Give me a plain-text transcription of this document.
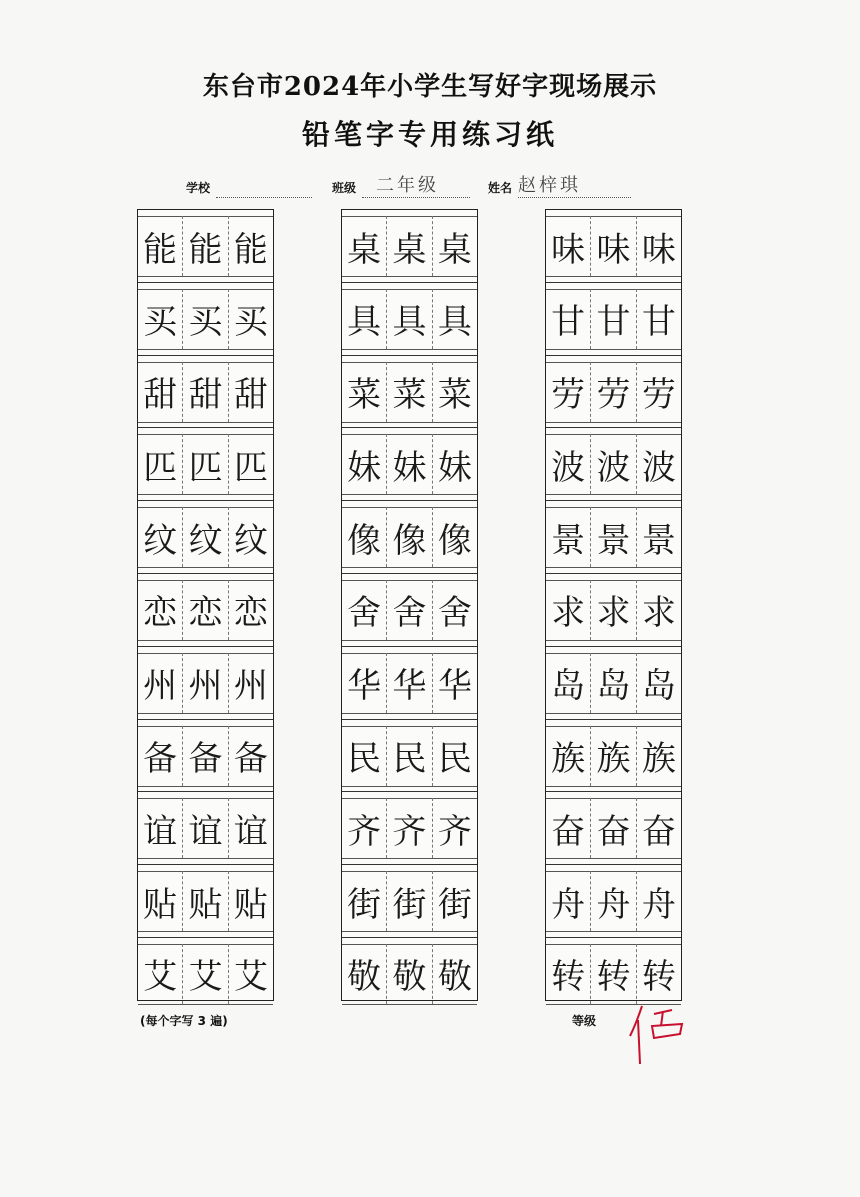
东台市2024年小学生写好字现场展示
铅笔字专用练习纸
学校	班级 二年级	姓名 赵梓琪
能 能 能
买 买 买
甜 甜 甜
匹 匹 匹
纹 纹 纹
恋 恋 恋
州 州 州
备 备 备
谊 谊 谊
贴 贴 贴
艾 艾 艾
桌 桌 桌
具 具 具
菜 菜 菜
妹 妹 妹
像 像 像
舍 舍 舍
华 华 华
民 民 民
齐 齐 齐
街 街 街
敬 敬 敬
味 味 味
甘 甘 甘
劳 劳 劳
波 波 波
景 景 景
求 求 求
岛 岛 岛
族 族 族
奋 奋 奋
舟 舟 舟
转 转 转
(每个字写 3 遍)	等级
